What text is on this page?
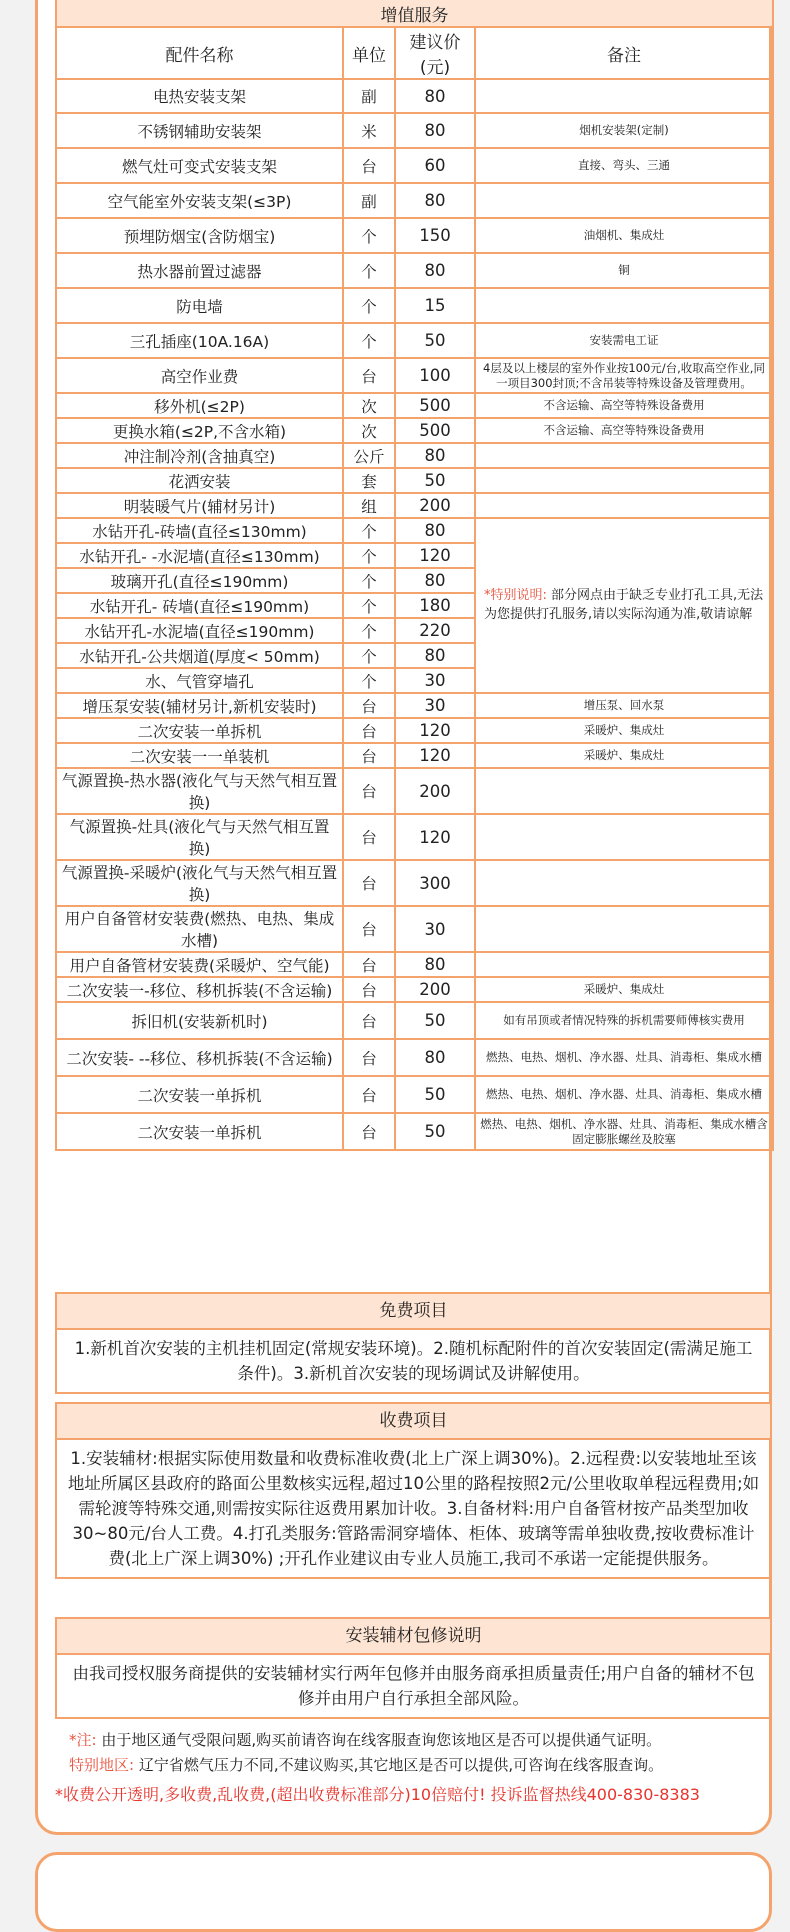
增值服务			
配件名称	单位	建议价(元)	备注
电热安装支架	副	80	
不锈钢辅助安装架	米	80	烟机安装架(定制)
燃气灶可变式安装支架	台	60	直接、弯头、三通
空气能室外安装支架(≤3P)	副	80	
预埋防烟宝(含防烟宝)	个	150	油烟机、集成灶
热水器前置过滤器	个	80	铜
防电墙	个	15	
三孔插座(10A.16A)	个	50	安装需电工证
高空作业费	台	100	4层及以上楼层的室外作业按100元/台,收取高空作业,同一项目300封顶;不含吊装等特殊设备及管理费用。
移外机(≤2P)	次	500	不含运输、高空等特殊设备费用
更换水箱(≤2P,不含水箱)	次	500	不含运输、高空等特殊设备费用
冲注制冷剂(含抽真空)	公斤	80	
花洒安装	套	50	
明装暖气片(辅材另计)	组	200	
水钻开孔-砖墙(直径≤130mm)	个	80	*特别说明: 部分网点由于缺乏专业打孔工具,无法为您提供打孔服务,请以实际沟通为准,敬请谅解
水钻开孔- -水泥墙(直径≤130mm)	个	120	
玻璃开孔(直径≤190mm)	个	80	
水钻开孔- 砖墙(直径≤190mm)	个	180	
水钻开孔-水泥墙(直径≤190mm)	个	220	
水钻开孔-公共烟道(厚度< 50mm)	个	80	
水、气管穿墙孔	个	30	
增压泵安装(辅材另计,新机安装时)	台	30	增压泵、回水泵
二次安装一单拆机	台	120	采暖炉、集成灶
二次安装一一单装机	台	120	采暖炉、集成灶
气源置换-热水器(液化气与天然气相互置换)	台	200	
气源置换-灶具(液化气与天然气相互置换)	台	120	
气源置换-采暖炉(液化气与天然气相互置换)	台	300	
用户自备管材安装费(燃热、电热、集成水槽)	台	30	
用户自备管材安装费(采暖炉、空气能)	台	80	
二次安装一-移位、移机拆装(不含运输)	台	200	采暖炉、集成灶
拆旧机(安装新机时)	台	50	如有吊顶或者情况特殊的拆机需要师傅核实费用
二次安装- --移位、移机拆装(不含运输)	台	80	燃热、电热、烟机、净水器、灶具、消毒柜、集成水槽
二次安装一单拆机	台	50	燃热、电热、烟机、净水器、灶具、消毒柜、集成水槽
二次安装一单拆机	台	50	燃热、电热、烟机、净水器、灶具、消毒柜、集成水槽含固定膨胀螺丝及胶塞
免费项目
1.新机首次安装的主机挂机固定(常规安装环境)。2.随机标配附件的首次安装固定(需满足施工条件)。3.新机首次安装的现场调试及讲解使用。
收费项目
1.安装辅材:根据实际使用数量和收费标准收费(北上广深上调30%)。2.远程费:以安装地址至该地址所属区县政府的路面公里数核实远程,超过10公里的路程按照2元/公里收取单程远程费用;如需轮渡等特殊交通,则需按实际往返费用累加计收。3.自备材料:用户自备管材按产品类型加收30~80元/台人工费。4.打孔类服务:管路需洞穿墙体、柜体、玻璃等需单独收费,按收费标准计费(北上广深上调30%) ;开孔作业建议由专业人员施工,我司不承诺一定能提供服务。
安装辅材包修说明
由我司授权服务商提供的安装辅材实行两年包修并由服务商承担质量责任;用户自备的辅材不包修并由用户自行承担全部风险。
*注: 由于地区通气受限问题,购买前请咨询在线客服查询您该地区是否可以提供通气证明。
特别地区: 辽宁省燃气压力不同,不建议购买,其它地区是否可以提供,可咨询在线客服查询。
*收费公开透明,多收费,乱收费,(超出收费标准部分)10倍赔付! 投诉监督热线400-830-8383
